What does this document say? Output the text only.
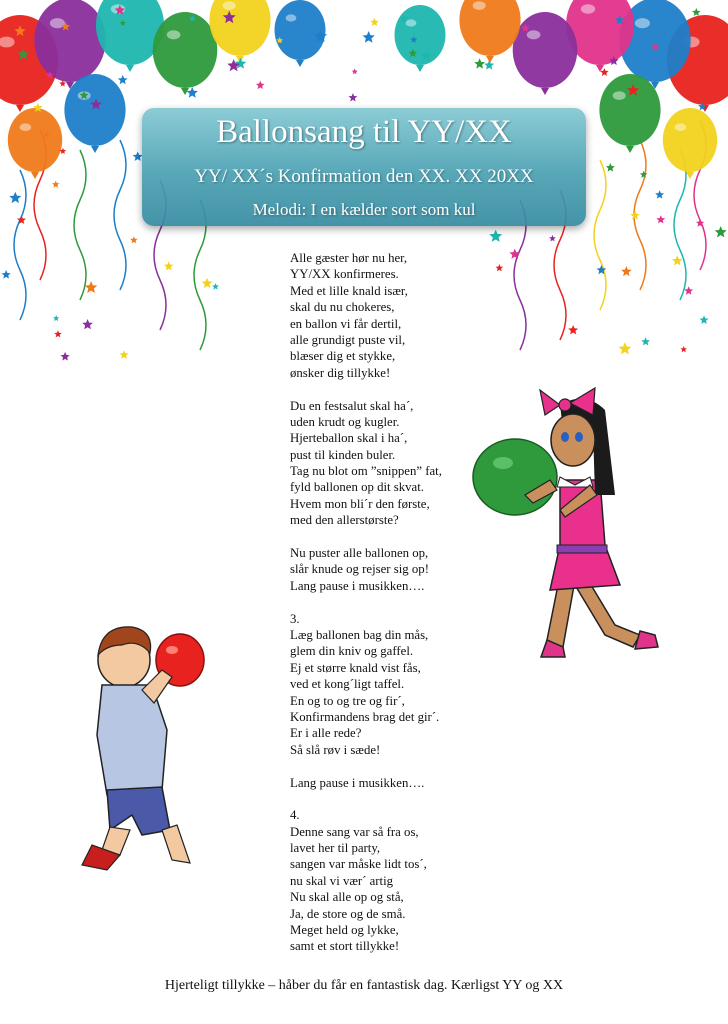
Ballonsang til YY/XX
YY/ XX´s Konfirmation den XX. XX 20XX
Melodi: I en kælder sort som kul
Alle gæster hør nu her,
YY/XX konfirmeres.
Med et lille knald især,
skal du nu chokeres,
en ballon vi får dertil,
alle grundigt puste vil,
blæser dig et stykke,
ønsker dig tillykke!
Du en festsalut skal ha´,
uden krudt og kugler.
Hjerteballon skal i ha´,
pust til kinden buler.
Tag nu blot om ”snippen” fat,
fyld ballonen op dit skvat.
Hvem mon bli´r den første,
med den allerstørste?
Nu puster alle ballonen op,
slår knude og rejser sig op!
Lang pause i musikken….
3.
Læg ballonen bag din mås,
glem din kniv og gaffel.
Ej et større knald vist fås,
ved et kong´ligt taffel.
En og to og tre og fir´,
Konfirmandens brag det gir´.
Er i alle rede?
Så slå røv i sæde!
Lang pause i musikken….
4.
Denne sang var så fra os,
lavet her til party,
sangen var måske lidt tos´,
nu skal vi vær´ artig
Nu skal alle op og stå,
Ja, de store og de små.
Meget held og lykke,
samt et stort tillykke!
Hjerteligt tillykke – håber du får en fantastisk dag. Kærligst YY og XX
